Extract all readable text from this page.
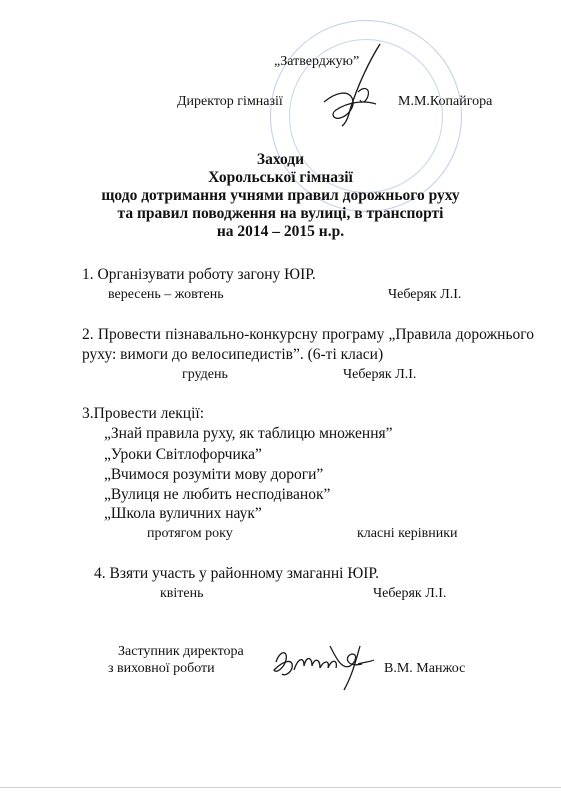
„Затверджую”
Директор гімназії	М.М.Копайгора
Заходи
Хорольської гімназії
щодо дотримання учнями правил дорожнього руху
та правил поводження на вулиці, в транспорті
на 2014 – 2015 н.р.
1. Організувати роботу загону ЮІР.
вересень – жовтень	Чеберяк Л.І.
2. Провести пізнавально-конкурсну програму „Правила дорожнього руху: вимоги до велосипедистів”. (6-ті класи)
грудень	Чеберяк Л.І.
3.Провести лекції:
„Знай правила руху, як таблицю множення”
„Уроки Світлофорчика”
„Вчимося розуміти мову дороги”
„Вулиця не любить несподіванок”
„Школа вуличних наук”
протягом року	класні керівники
4. Взяти участь у районному змаганні ЮІР.
квітень	Чеберяк Л.І.
Заступник директора
з виховної роботи	В.М. Манжос
